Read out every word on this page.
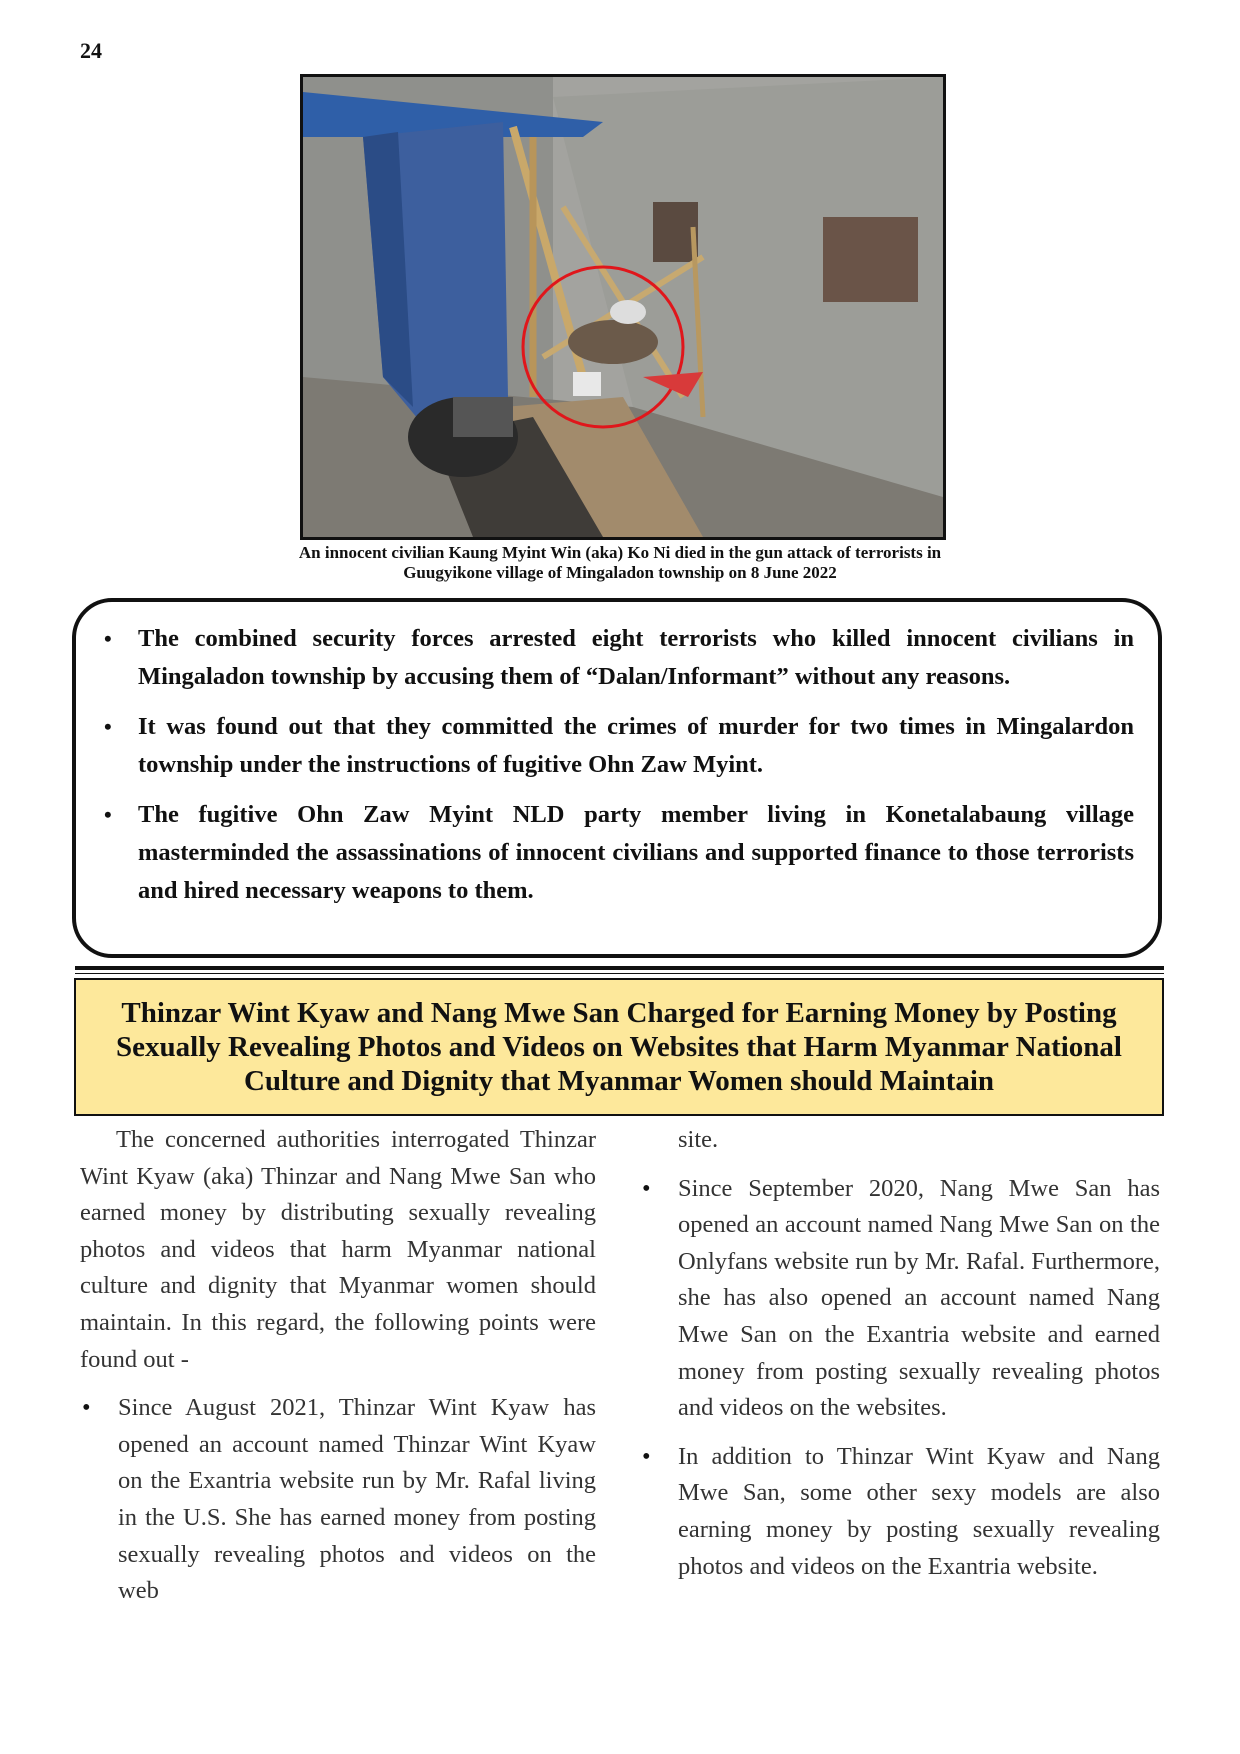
24
An innocent civilian Kaung Myint Win (aka) Ko Ni died in the gun attack of terrorists in
Guugyikone village of Mingaladon township on 8 June 2022
• The combined security forces arrested eight terrorists who killed innocent civilians in Mingaladon township by accusing them of “Dalan/Informant” without any reasons.
• It was found out that they committed the crimes of murder for two times in Mingalardon township under the instructions of fugitive Ohn Zaw Myint.
• The fugitive Ohn Zaw Myint NLD party member living in Konetalabaung village masterminded the assassinations of innocent civilians and supported finance to those terrorists and hired necessary weapons to them.
Thinzar Wint Kyaw and Nang Mwe San Charged for Earning Money by Posting Sexually Revealing Photos and Videos on Websites that Harm Myanmar National Culture and Dignity that Myanmar Women should Maintain

The concerned authorities interrogated Thinzar Wint Kyaw (aka) Thinzar and Nang Mwe San who earned money by distributing sexually revealing photos and videos that harm Myanmar national culture and dignity that Myanmar women should maintain. In this regard, the following points were found out -

• Since August 2021, Thinzar Wint Kyaw has opened an account named Thinzar Wint Kyaw on the Exantria website run by Mr. Rafal living in the U.S. She has earned money from posting sexually revealing photos and videos on the web

site.

• Since September 2020, Nang Mwe San has opened an account named Nang Mwe San on the Onlyfans website run by Mr. Rafal. Furthermore, she has also opened an account named Nang Mwe San on the Exantria website and earned money from posting sexually revealing photos and videos on the websites.
• In addition to Thinzar Wint Kyaw and Nang Mwe San, some other sexy models are also earning money by posting sexually revealing photos and videos on the Exantria website.
